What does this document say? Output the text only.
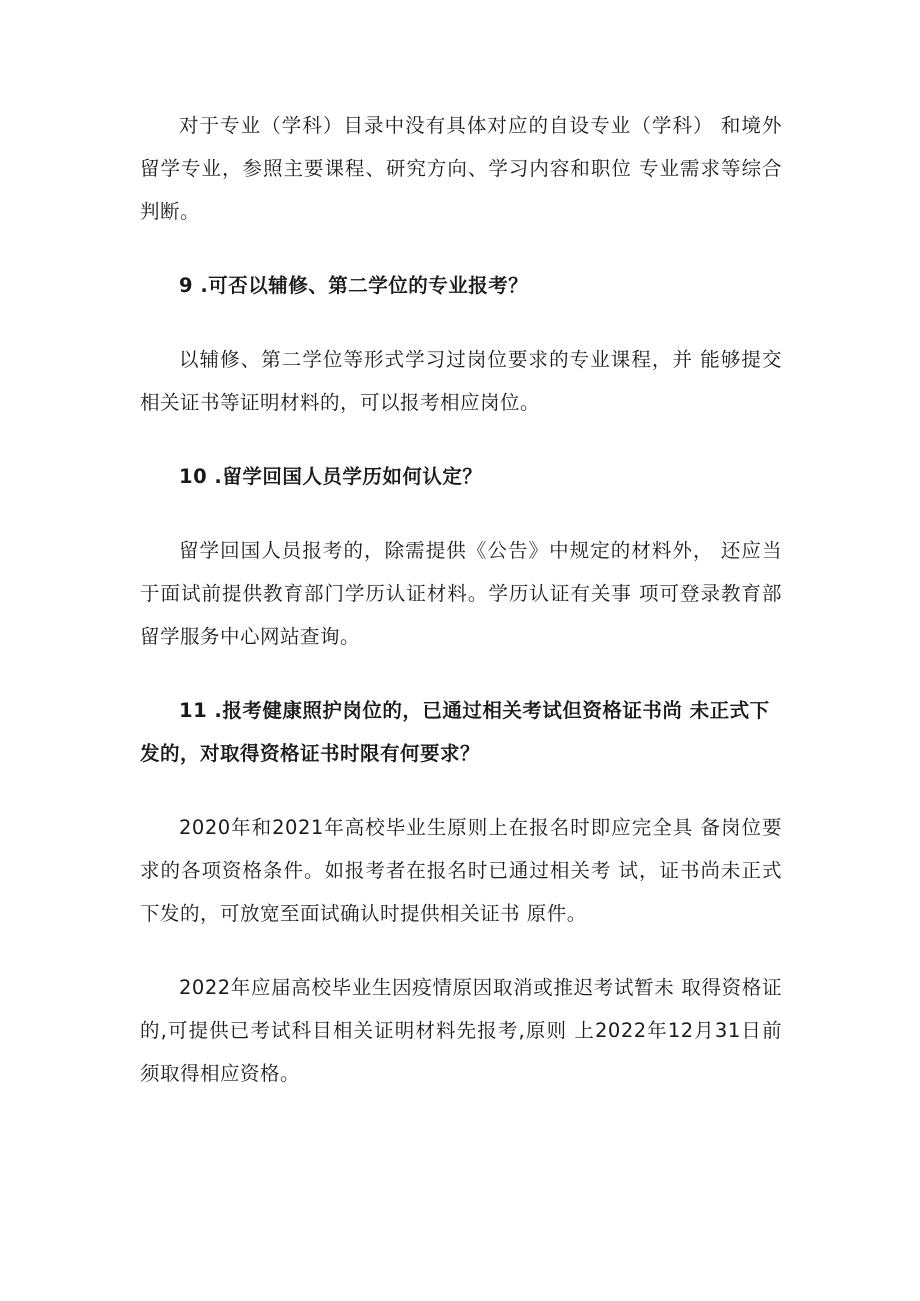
对于专业（学科）目录中没有具体对应的自设专业（学科） 和境外留学专业，参照主要课程、研究方向、学习内容和职位 专业需求等综合判断。

9 .可否以辅修、第二学位的专业报考？

以辅修、第二学位等形式学习过岗位要求的专业课程，并 能够提交相关证书等证明材料的，可以报考相应岗位。

10 .留学回国人员学历如何认定？

留学回国人员报考的，除需提供《公告》中规定的材料外， 还应当于面试前提供教育部门学历认证材料。学历认证有关事 项可登录教育部留学服务中心网站查询。

11 .报考健康照护岗位的，已通过相关考试但资格证书尚 未正式下发的，对取得资格证书时限有何要求？

2020年和2021年高校毕业生原则上在报名时即应完全具 备岗位要求的各项资格条件。如报考者在报名时已通过相关考 试，证书尚未正式下发的，可放宽至面试确认时提供相关证书 原件。

2022年应届高校毕业生因疫情原因取消或推迟考试暂未 取得资格证的,可提供已考试科目相关证明材料先报考,原则 上2022年12月31日前须取得相应资格。
